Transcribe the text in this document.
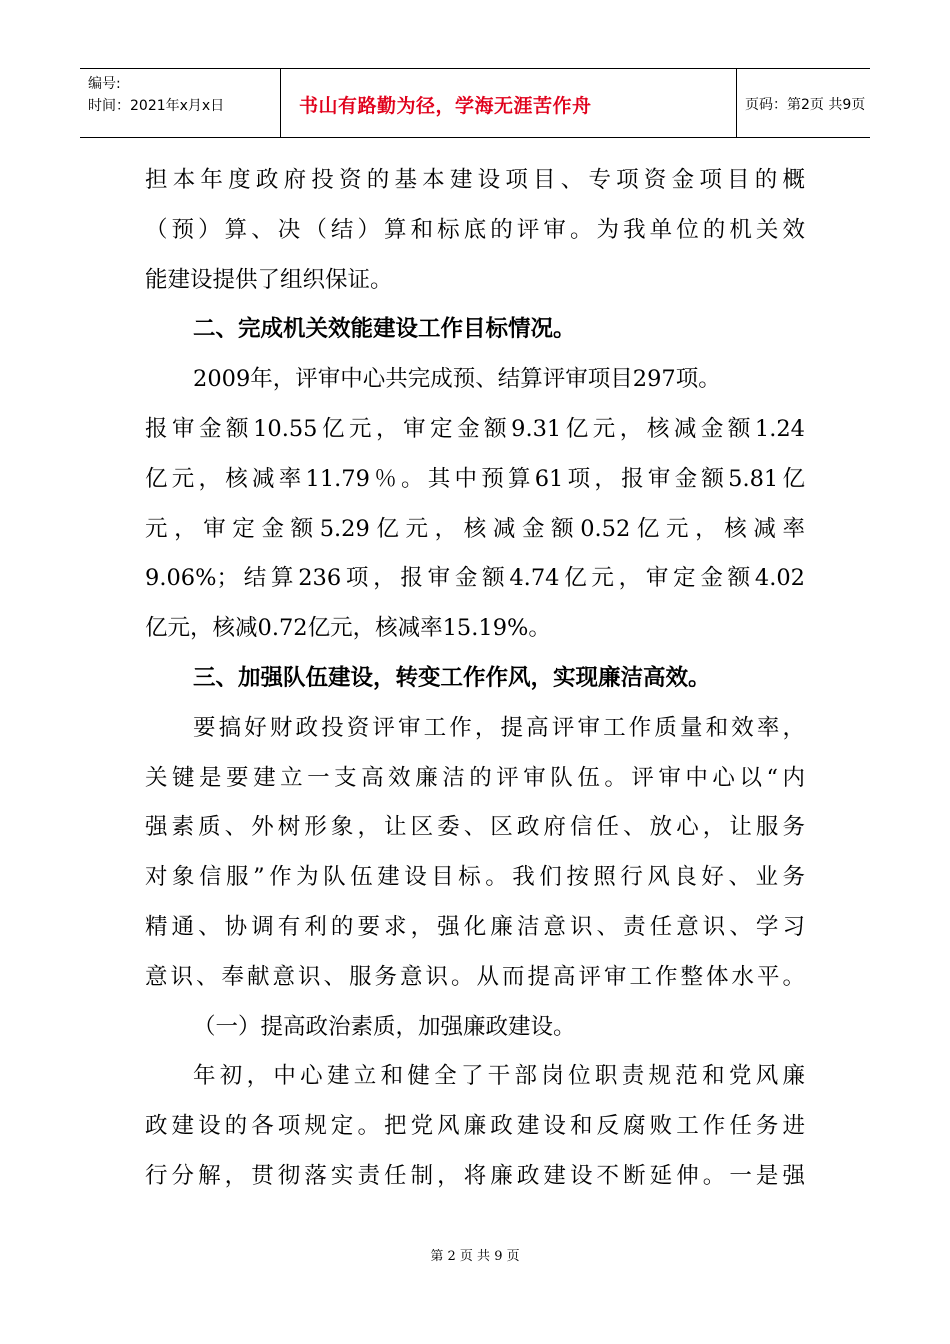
编号:
时间：2021年x月x日	书山有路勤为径，学海无涯苦作舟	页码：第2页 共9页
担本年度政府投资的基本建设项目、专项资金项目的概
（预）算、决（结）算和标底的评审。为我单位的机关效
能建设提供了组织保证。
二、完成机关效能建设工作目标情况。
2009年，评审中心共完成预、结算评审项目297项。
报审金额10.55亿元，审定金额9.31亿元，核减金额1.24
亿元，核减率11.79％。其中预算61项，报审金额5.81亿
元，审定金额5.29亿元，核减金额0.52亿元，核减率
9.06%；结算236项，报审金额4.74亿元，审定金额4.02
亿元，核减0.72亿元，核减率15.19%。
三、加强队伍建设，转变工作作风，实现廉洁高效。
要搞好财政投资评审工作，提高评审工作质量和效率，
关键是要建立一支高效廉洁的评审队伍。评审中心以“内
强素质、外树形象，让区委、区政府信任、放心，让服务
对象信服”作为队伍建设目标。我们按照行风良好、业务
精通、协调有利的要求，强化廉洁意识、责任意识、学习
意识、奉献意识、服务意识。从而提高评审工作整体水平。
（一）提高政治素质，加强廉政建设。
年初，中心建立和健全了干部岗位职责规范和党风廉
政建设的各项规定。把党风廉政建设和反腐败工作任务进
行分解，贯彻落实责任制，将廉政建设不断延伸。一是强
第 2 页 共 9 页
